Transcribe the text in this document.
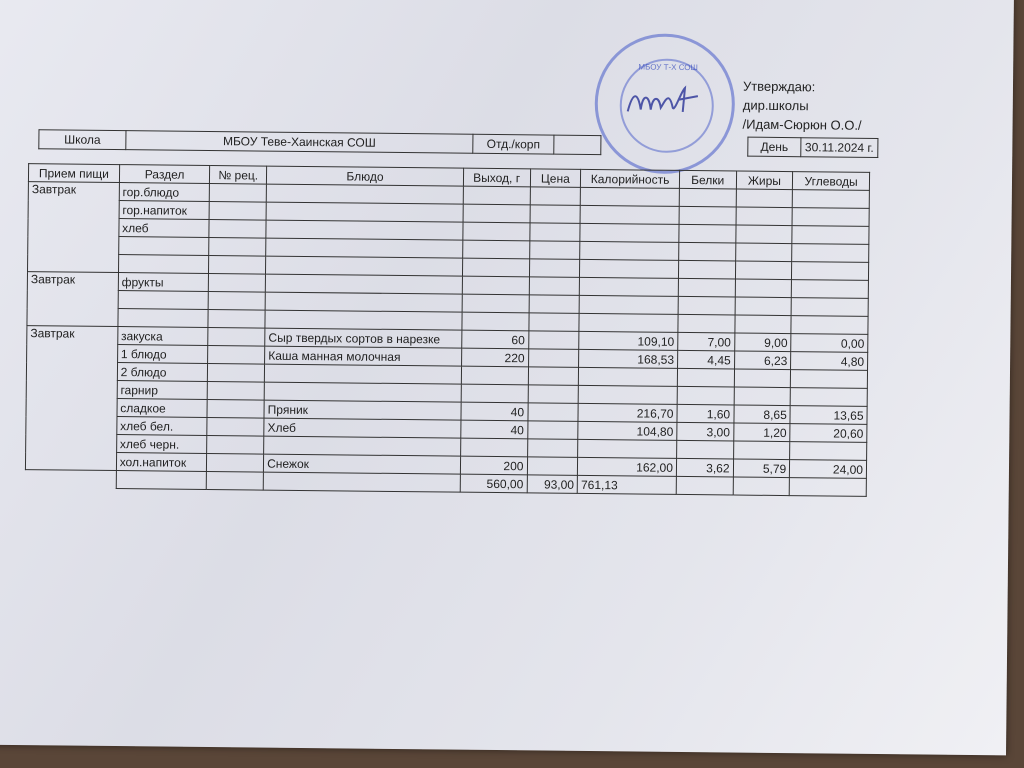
МБОУ Т-Х СОШ
Утверждаю:
дир.школы
/Идам-Сюрюн О.О./
Школа	МБОУ Теве-Хаинская СОШ	Отд./корп			День	30.11.2024 г.
Прием пищи	Раздел	№ рец.	Блюдо	Выход, г	Цена	Калорийность	Белки	Жиры	Углеводы
Завтрак	гор.блюдо								
	гор.напиток								
	хлеб								

Завтрак	фрукты								

Завтрак	закуска		Сыр твердых сортов в нарезке	60		109,10	7,00	9,00	0,00
	1 блюдо		Каша манная молочная	220		168,53	4,45	6,23	4,80
	2 блюдо								
	гарнир								
	сладкое		Пряник	40		216,70	1,60	8,65	13,65
	хлеб бел.		Хлеб	40		104,80	3,00	1,20	20,60
	хлеб черн.								
	хол.напиток		Снежок	200		162,00	3,62	5,79	24,00
				560,00	93,00	761,13			
